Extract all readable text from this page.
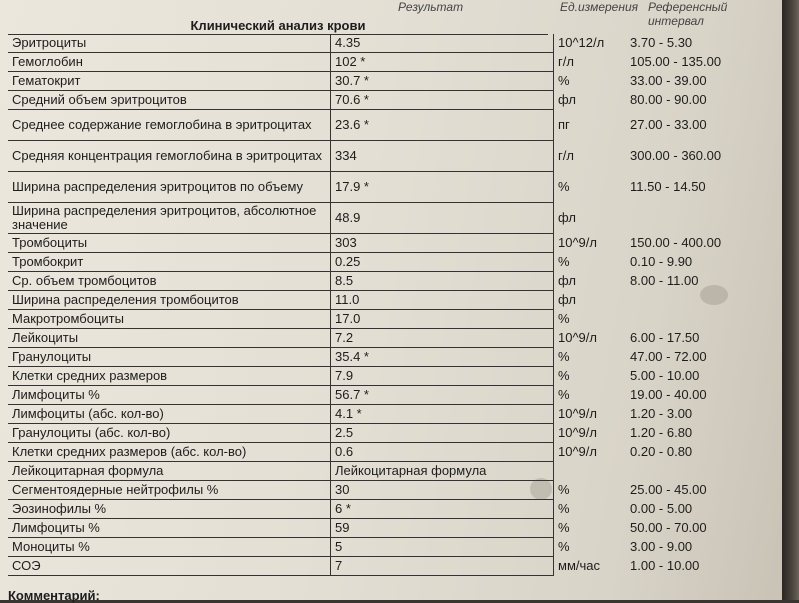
Результат	Ед.измерения Референсный интервал
Клинический анализ крови
Эритроциты	4.35	10^12/л	3.70 - 5.30
Гемоглобин	102 *	г/л	105.00 - 135.00
Гематокрит	30.7 *	%	33.00 - 39.00
Средний объем эритроцитов	70.6 *	фл	80.00 - 90.00
Среднее содержание гемоглобина в эритроцитах	23.6 *	пг	27.00 - 33.00
Средняя концентрация гемоглобина в эритроцитах	334	г/л	300.00 - 360.00
Ширина распределения эритроцитов по объему	17.9 *	%	11.50 - 14.50
Ширина распределения эритроцитов, абсолютное значение	48.9	фл	
Тромбоциты	303	10^9/л	150.00 - 400.00
Тромбокрит	0.25	%	0.10 - 9.90
Ср. объем тромбоцитов	8.5	фл	8.00 - 11.00
Ширина распределения тромбоцитов	11.0	фл	
Макротромбоциты	17.0	%	
Лейкоциты	7.2	10^9/л	6.00 - 17.50
Гранулоциты	35.4 *	%	47.00 - 72.00
Клетки средних размеров	7.9	%	5.00 - 10.00
Лимфоциты %	56.7 *	%	19.00 - 40.00
Лимфоциты (абс. кол-во)	4.1 *	10^9/л	1.20 - 3.00
Гранулоциты (абс. кол-во)	2.5	10^9/л	1.20 - 6.80
Клетки средних размеров (абс. кол-во)	0.6	10^9/л	0.20 - 0.80
Лейкоцитарная формула	Лейкоцитарная формула		
Сегментоядерные нейтрофилы %	30	%	25.00 - 45.00
Эозинофилы %	6 *	%	0.00 - 5.00
Лимфоциты %	59	%	50.00 - 70.00
Моноциты %	5	%	3.00 - 9.00
СОЭ	7	мм/час	1.00 - 10.00
Комментарий:
